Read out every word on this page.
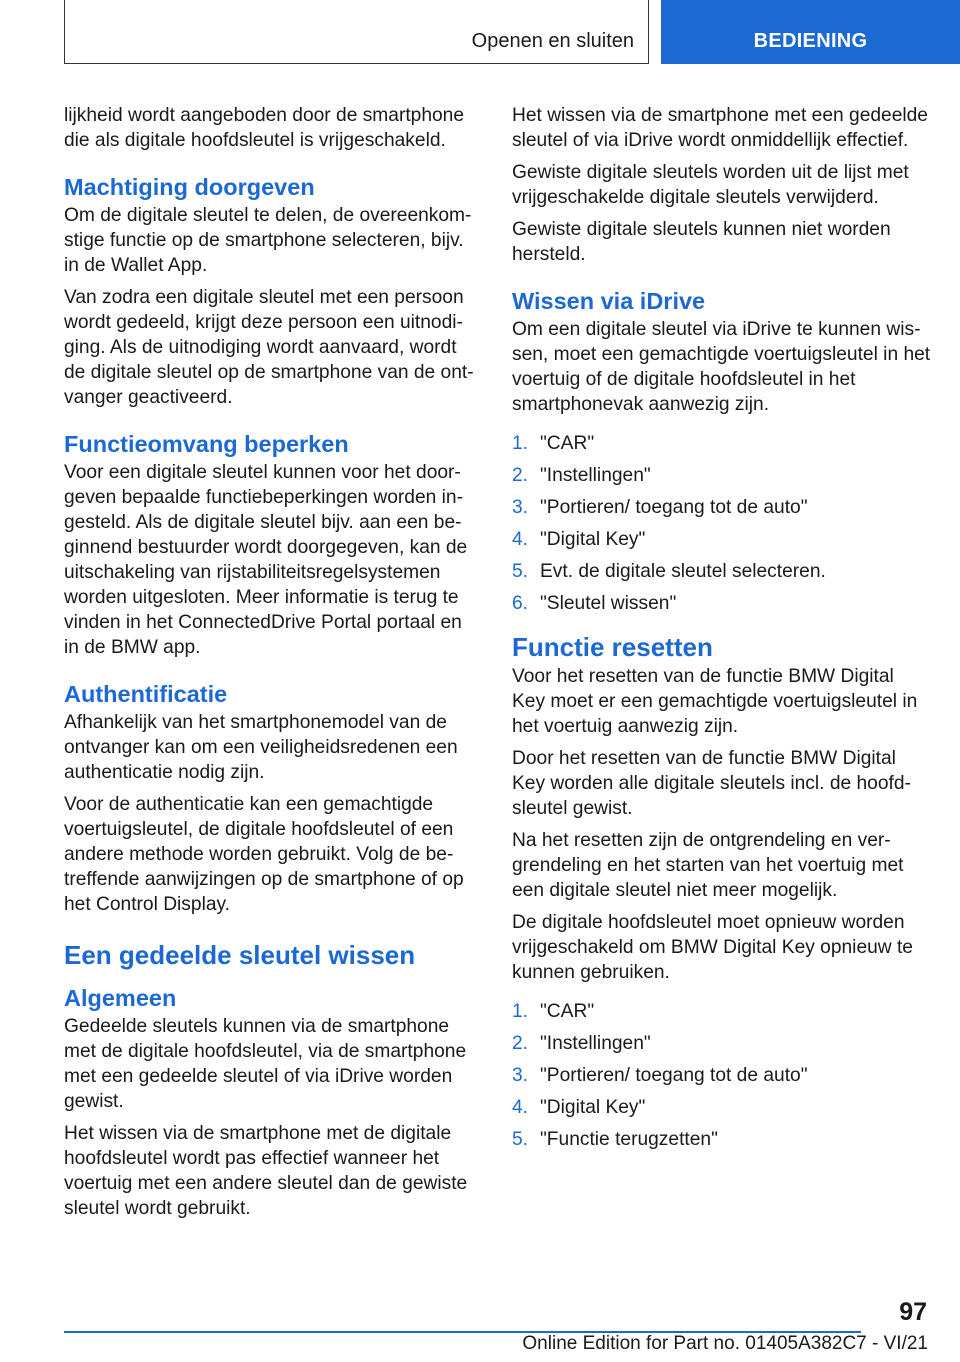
Openen en sluiten	BEDIENING

lijkheid wordt aangeboden door de smartphone die als digitale hoofdsleutel is vrijgeschakeld.

Machtiging doorgeven

Om de digitale sleutel te delen, de overeenkom-stige functie op de smartphone selecteren, bijv. in de Wallet App.

Van zodra een digitale sleutel met een persoon wordt gedeeld, krijgt deze persoon een uitnodi-ging. Als de uitnodiging wordt aanvaard, wordt de digitale sleutel op de smartphone van de ont-vanger geactiveerd.

Functieomvang beperken

Voor een digitale sleutel kunnen voor het door-geven bepaalde functiebeperkingen worden in-gesteld. Als de digitale sleutel bijv. aan een be-ginnend bestuurder wordt doorgegeven, kan de uitschakeling van rijstabiliteitsregelsystemen worden uitgesloten. Meer informatie is terug te vinden in het ConnectedDrive Portal portaal en in de BMW app.

Authentificatie

Afhankelijk van het smartphonemodel van de ontvanger kan om een veiligheidsredenen een authenticatie nodig zijn.

Voor de authenticatie kan een gemachtigde voertuigsleutel, de digitale hoofdsleutel of een andere methode worden gebruikt. Volg de be-treffende aanwijzingen op de smartphone of op het Control Display.

Een gedeelde sleutel wissen
Algemeen

Gedeelde sleutels kunnen via de smartphone met de digitale hoofdsleutel, via de smartphone met een gedeelde sleutel of via iDrive worden gewist.

Het wissen via de smartphone met de digitale hoofdsleutel wordt pas effectief wanneer het voertuig met een andere sleutel dan de gewiste sleutel wordt gebruikt.

Het wissen via de smartphone met een gedeelde sleutel of via iDrive wordt onmiddellijk effectief.

Gewiste digitale sleutels worden uit de lijst met vrijgeschakelde digitale sleutels verwijderd.

Gewiste digitale sleutels kunnen niet worden hersteld.

Wissen via iDrive

Om een digitale sleutel via iDrive te kunnen wis-sen, moet een gemachtigde voertuigsleutel in het voertuig of de digitale hoofdsleutel in het smartphonevak aanwezig zijn.

1. "CAR"
2. "Instellingen"
3. "Portieren/ toegang tot de auto"
4. "Digital Key"
5. Evt. de digitale sleutel selecteren.
6. "Sleutel wissen"
Functie resetten

Voor het resetten van de functie BMW Digital Key moet er een gemachtigde voertuigsleutel in het voertuig aanwezig zijn.

Door het resetten van de functie BMW Digital Key worden alle digitale sleutels incl. de hoofd-sleutel gewist.

Na het resetten zijn de ontgrendeling en ver-grendeling en het starten van het voertuig met een digitale sleutel niet meer mogelijk.

De digitale hoofdsleutel moet opnieuw worden vrijgeschakeld om BMW Digital Key opnieuw te kunnen gebruiken.

1. "CAR"
2. "Instellingen"
3. "Portieren/ toegang tot de auto"
4. "Digital Key"
5. "Functie terugzetten"
97
Online Edition for Part no. 01405A382C7 - VI/21
